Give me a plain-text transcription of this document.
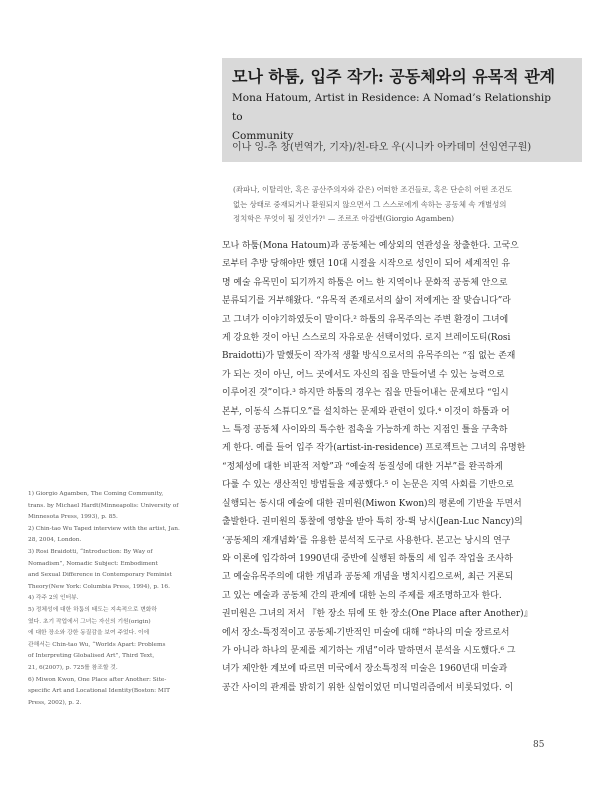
모나 하툼, 입주 작가: 공동체와의 유목적 관계
Mona Hatoum, Artist in Residence: A Nomad’s Relationship to
Community
이나 잉-추 창(번역가, 기자)/친-타오 우(시니카 아카데미 선임연구원)

(좌파나, 이탈리안, 혹은 공산주의자와 같은) 어떠한 조건들로, 혹은 단순히 어떤 조건도

없는 상태로 중재되거나 환원되지 않으면서 그 스스로에게 속하는 공동체 속 개별성의

정치학은 무엇이 될 것인가?¹ — 조르조 아감벤(Giorgio Agamben)

모나 하툼(Mona Hatoum)과 공동체는 예상외의 연관성을 창출한다. 고국으

로부터 추방 당해야만 했던 10대 시절을 시작으로 성인이 되어 세계적인 유

명 예술 유목민이 되기까지 하툼은 어느 한 지역이나 문화적 공동체 안으로

분류되기를 거부해왔다. “유목적 존재로서의 삶이 저에게는 잘 맞습니다”라

고 그녀가 이야기하였듯이 말이다.² 하툼의 유목주의는 주변 환경이 그녀에

게 강요한 것이 아닌 스스로의 자유로운 선택이었다. 로지 브레이도티(Rosi

Braidotti)가 말했듯이 작가적 생활 방식으로서의 유목주의는 “집 없는 존재

가 되는 것이 아닌, 어느 곳에서도 자신의 집을 만들어낼 수 있는 능력으로

이루어진 것”이다.³ 하지만 하툼의 경우는 집을 만들어내는 문제보다 “임시

본부, 이동식 스튜디오”를 설치하는 문제와 관련이 있다.⁴ 이것이 하툼과 어

느 특정 공동체 사이와의 특수한 접촉을 가능하게 하는 지점인 틀을 구축하

게 한다. 예를 들어 입주 작가(artist-in-residence) 프로젝트는 그녀의 유명한

“정체성에 대한 비판적 저항”과 “예술적 동질성에 대한 거부”를 완곡하게

다룰 수 있는 생산적인 방법들을 제공했다.⁵ 이 논문은 지역 사회를 기반으로

실행되는 동시대 예술에 대한 권미원(Miwon Kwon)의 평론에 기반을 두면서

출발한다. 권미원의 통찰에 영향을 받아 특히 장-뤽 낭시(Jean-Luc Nancy)의

‘공동체의 재개념화’를 유용한 분석적 도구로 사용한다. 본고는 낭시의 연구

와 이론에 입각하여 1990년대 중반에 실행된 하툼의 세 입주 작업을 조사하

고 예술유목주의에 대한 개념과 공동체 개념을 병치시킴으로써, 최근 거론되

고 있는 예술과 공동체 간의 관계에 대한 논의 주제를 재조명하고자 한다.

권미원은 그녀의 저서 『한 장소 뒤에 또 한 장소(One Place after Another)』

에서 장소-특정적이고 공동체-기반적인 미술에 대해 “하나의 미술 장르로서

가 아니라 하나의 문제를 제기하는 개념”이라 말하면서 분석을 시도했다.⁶ 그

녀가 제안한 계보에 따르면 미국에서 장소특정적 미술은 1960년대 미술과

공간 사이의 관계를 밝히기 위한 실험이었던 미니멀리즘에서 비롯되었다. 이

1) Giorgio Agamben, The Coming Community,

trans. by Michael Hardt(Minneapolis: University of

Minnesota Press, 1993), p. 85.

2) Chin-tao Wu Taped interview with the artist, Jan.

28, 2004, London.

3) Rosi Braidotti, “Introduction: By Way of

Nomadism”, Nomadic Subject: Embodiment

and Sexual Difference in Contemporary Feminist

Theory(New York: Columbia Press, 1994), p. 16.

4) 각주 2의 인터뷰.

5) 정체성에 대한 하툼의 태도는 지속적으로 변화하

였다. 초기 작업에서 그녀는 자신의 기원(origin)

에 대한 장소와 강한 동질감을 보여 주었다. 이에

관해서는 Chin-tao Wu, “Worlds Apart: Problems

of Interpreting Globalised Art”, Third Text,

21, 6(2007), p. 725를 참조할 것.

6) Miwon Kwon, One Place after Another: Site-

specific Art and Locational Identity(Boston: MIT

Press, 2002), p. 2.

85
